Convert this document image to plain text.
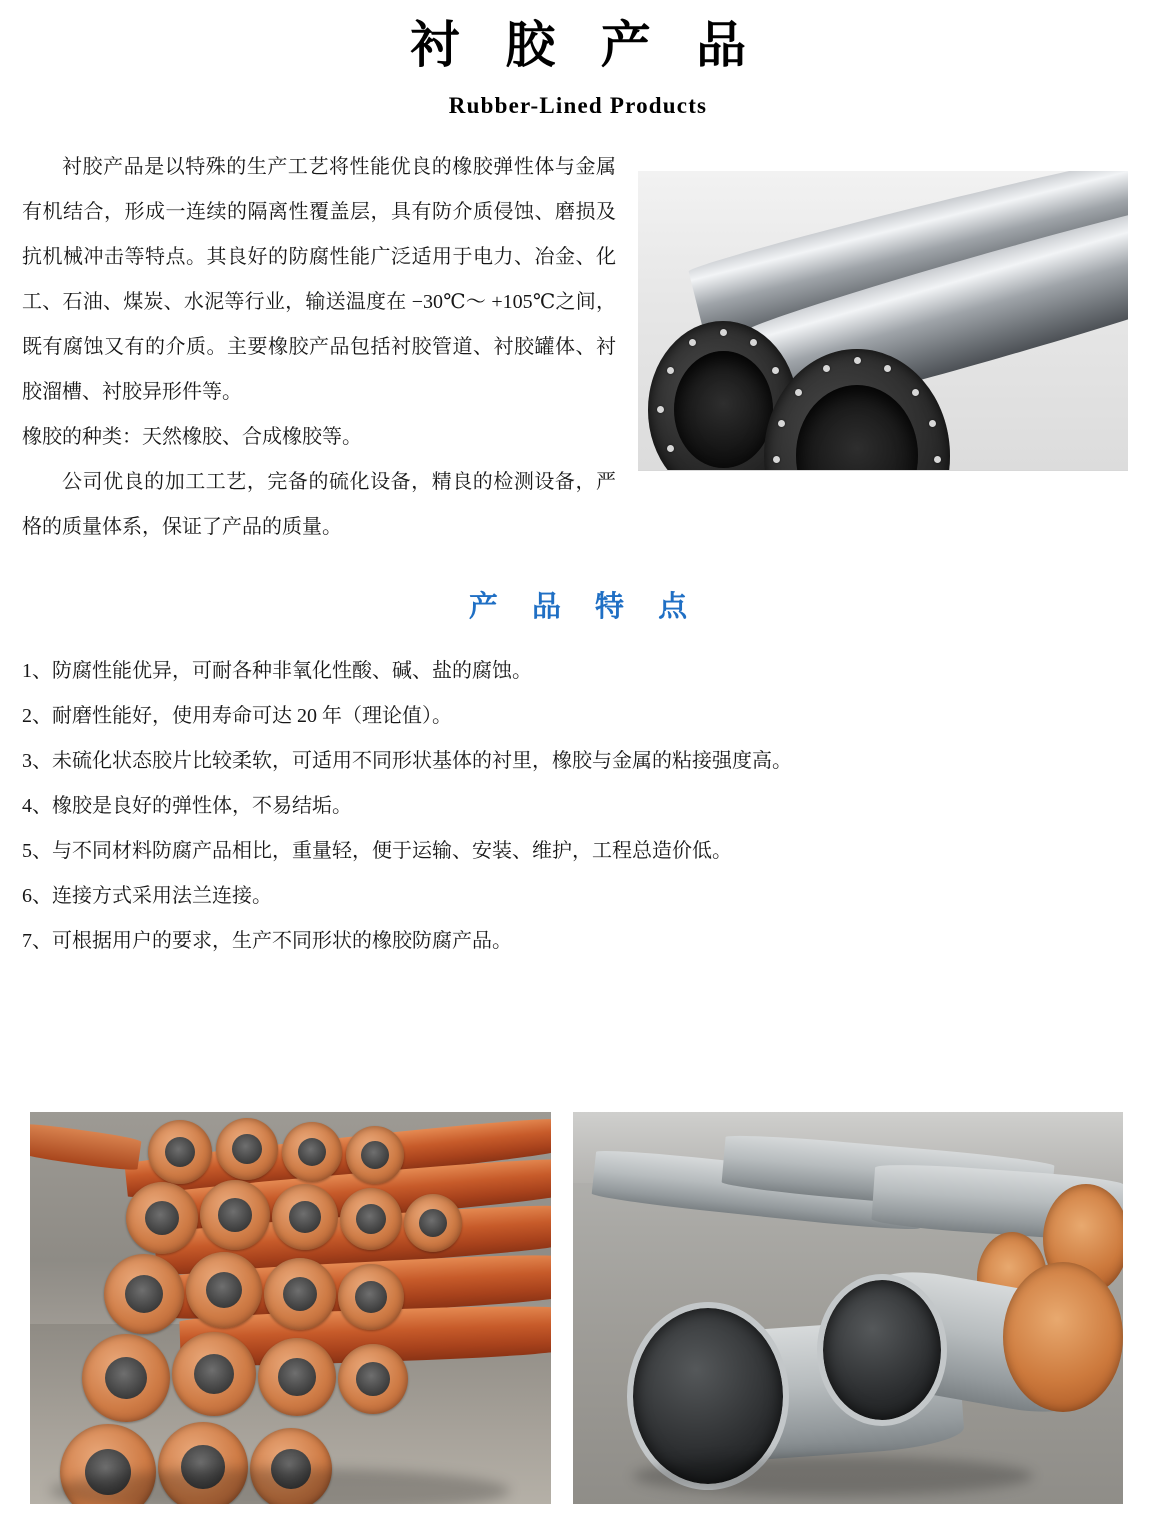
衬 胶 产 品
Rubber-Lined Products

衬胶产品是以特殊的生产工艺将性能优良的橡胶弹性体与金属有机结合，形成一连续的隔离性覆盖层，具有防介质侵蚀、磨损及抗机械冲击等特点。其良好的防腐性能广泛适用于电力、冶金、化工、石油、煤炭、水泥等行业，输送温度在 −30℃～ +105℃之间，既有腐蚀又有的介质。主要橡胶产品包括衬胶管道、衬胶罐体、衬胶溜槽、衬胶异形件等。

橡胶的种类：天然橡胶、合成橡胶等。

公司优良的加工工艺，完备的硫化设备，精良的检测设备，严格的质量体系，保证了产品的质量。

产 品 特 点
1、防腐性能优异，可耐各种非氧化性酸、碱、盐的腐蚀。
2、耐磨性能好，使用寿命可达 20 年（理论值）。
3、未硫化状态胶片比较柔软，可适用不同形状基体的衬里，橡胶与金属的粘接强度高。
4、橡胶是良好的弹性体，不易结垢。
5、与不同材料防腐产品相比，重量轻，便于运输、安装、维护，工程总造价低。
6、连接方式采用法兰连接。
7、可根据用户的要求，生产不同形状的橡胶防腐产品。
